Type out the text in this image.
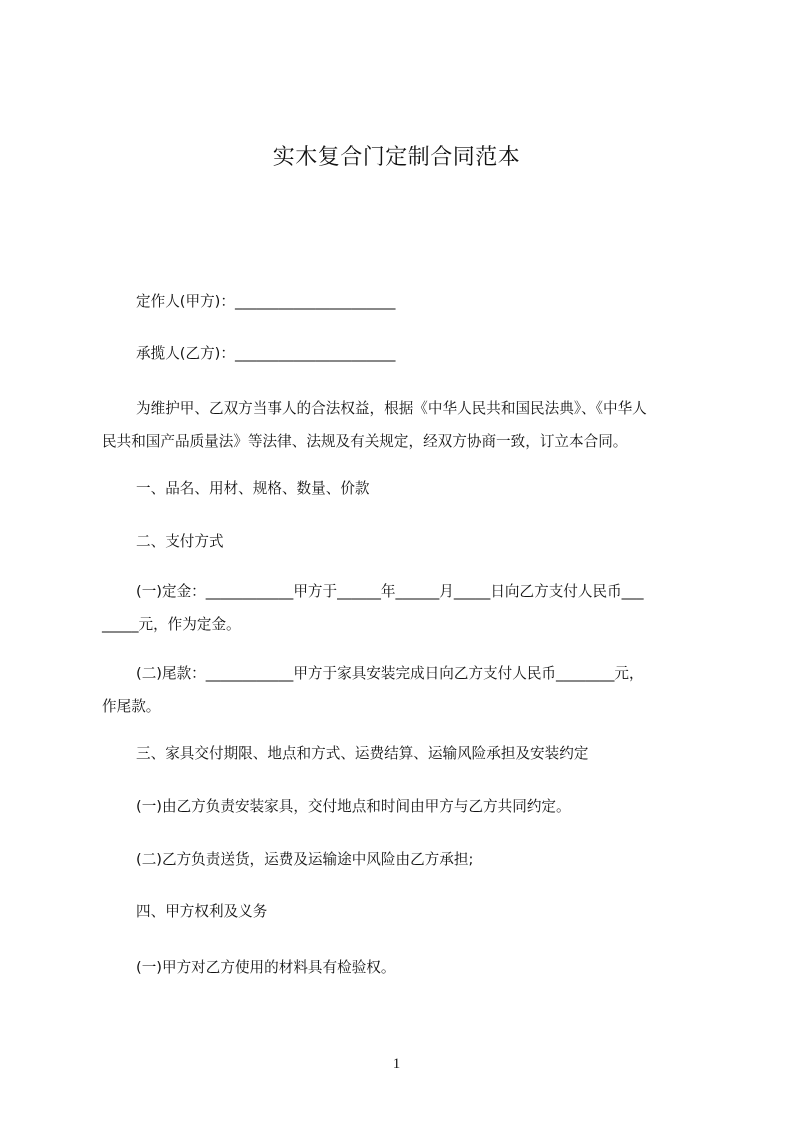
实木复合门定制合同范本
定作人(甲方)：______________________
承揽人(乙方)：______________________

为维护甲、乙双方当事人的合法权益，根据《中华人民共和国民法典》、《中华人

民共和国产品质量法》等法律、法规及有关规定，经双方协商一致，订立本合同。

一、品名、用材、规格、数量、价款
二、支付方式

(一)定金：____________甲方于______年______月_____日向乙方支付人民币___

_____元，作为定金。

(二)尾款：____________甲方于家具安装完成日向乙方支付人民币________元，

作尾款。

三、家具交付期限、地点和方式、运费结算、运输风险承担及安装约定
(一)由乙方负责安装家具，交付地点和时间由甲方与乙方共同约定。
(二)乙方负责送货，运费及运输途中风险由乙方承担;
四、甲方权利及义务
(一)甲方对乙方使用的材料具有检验权。
1
